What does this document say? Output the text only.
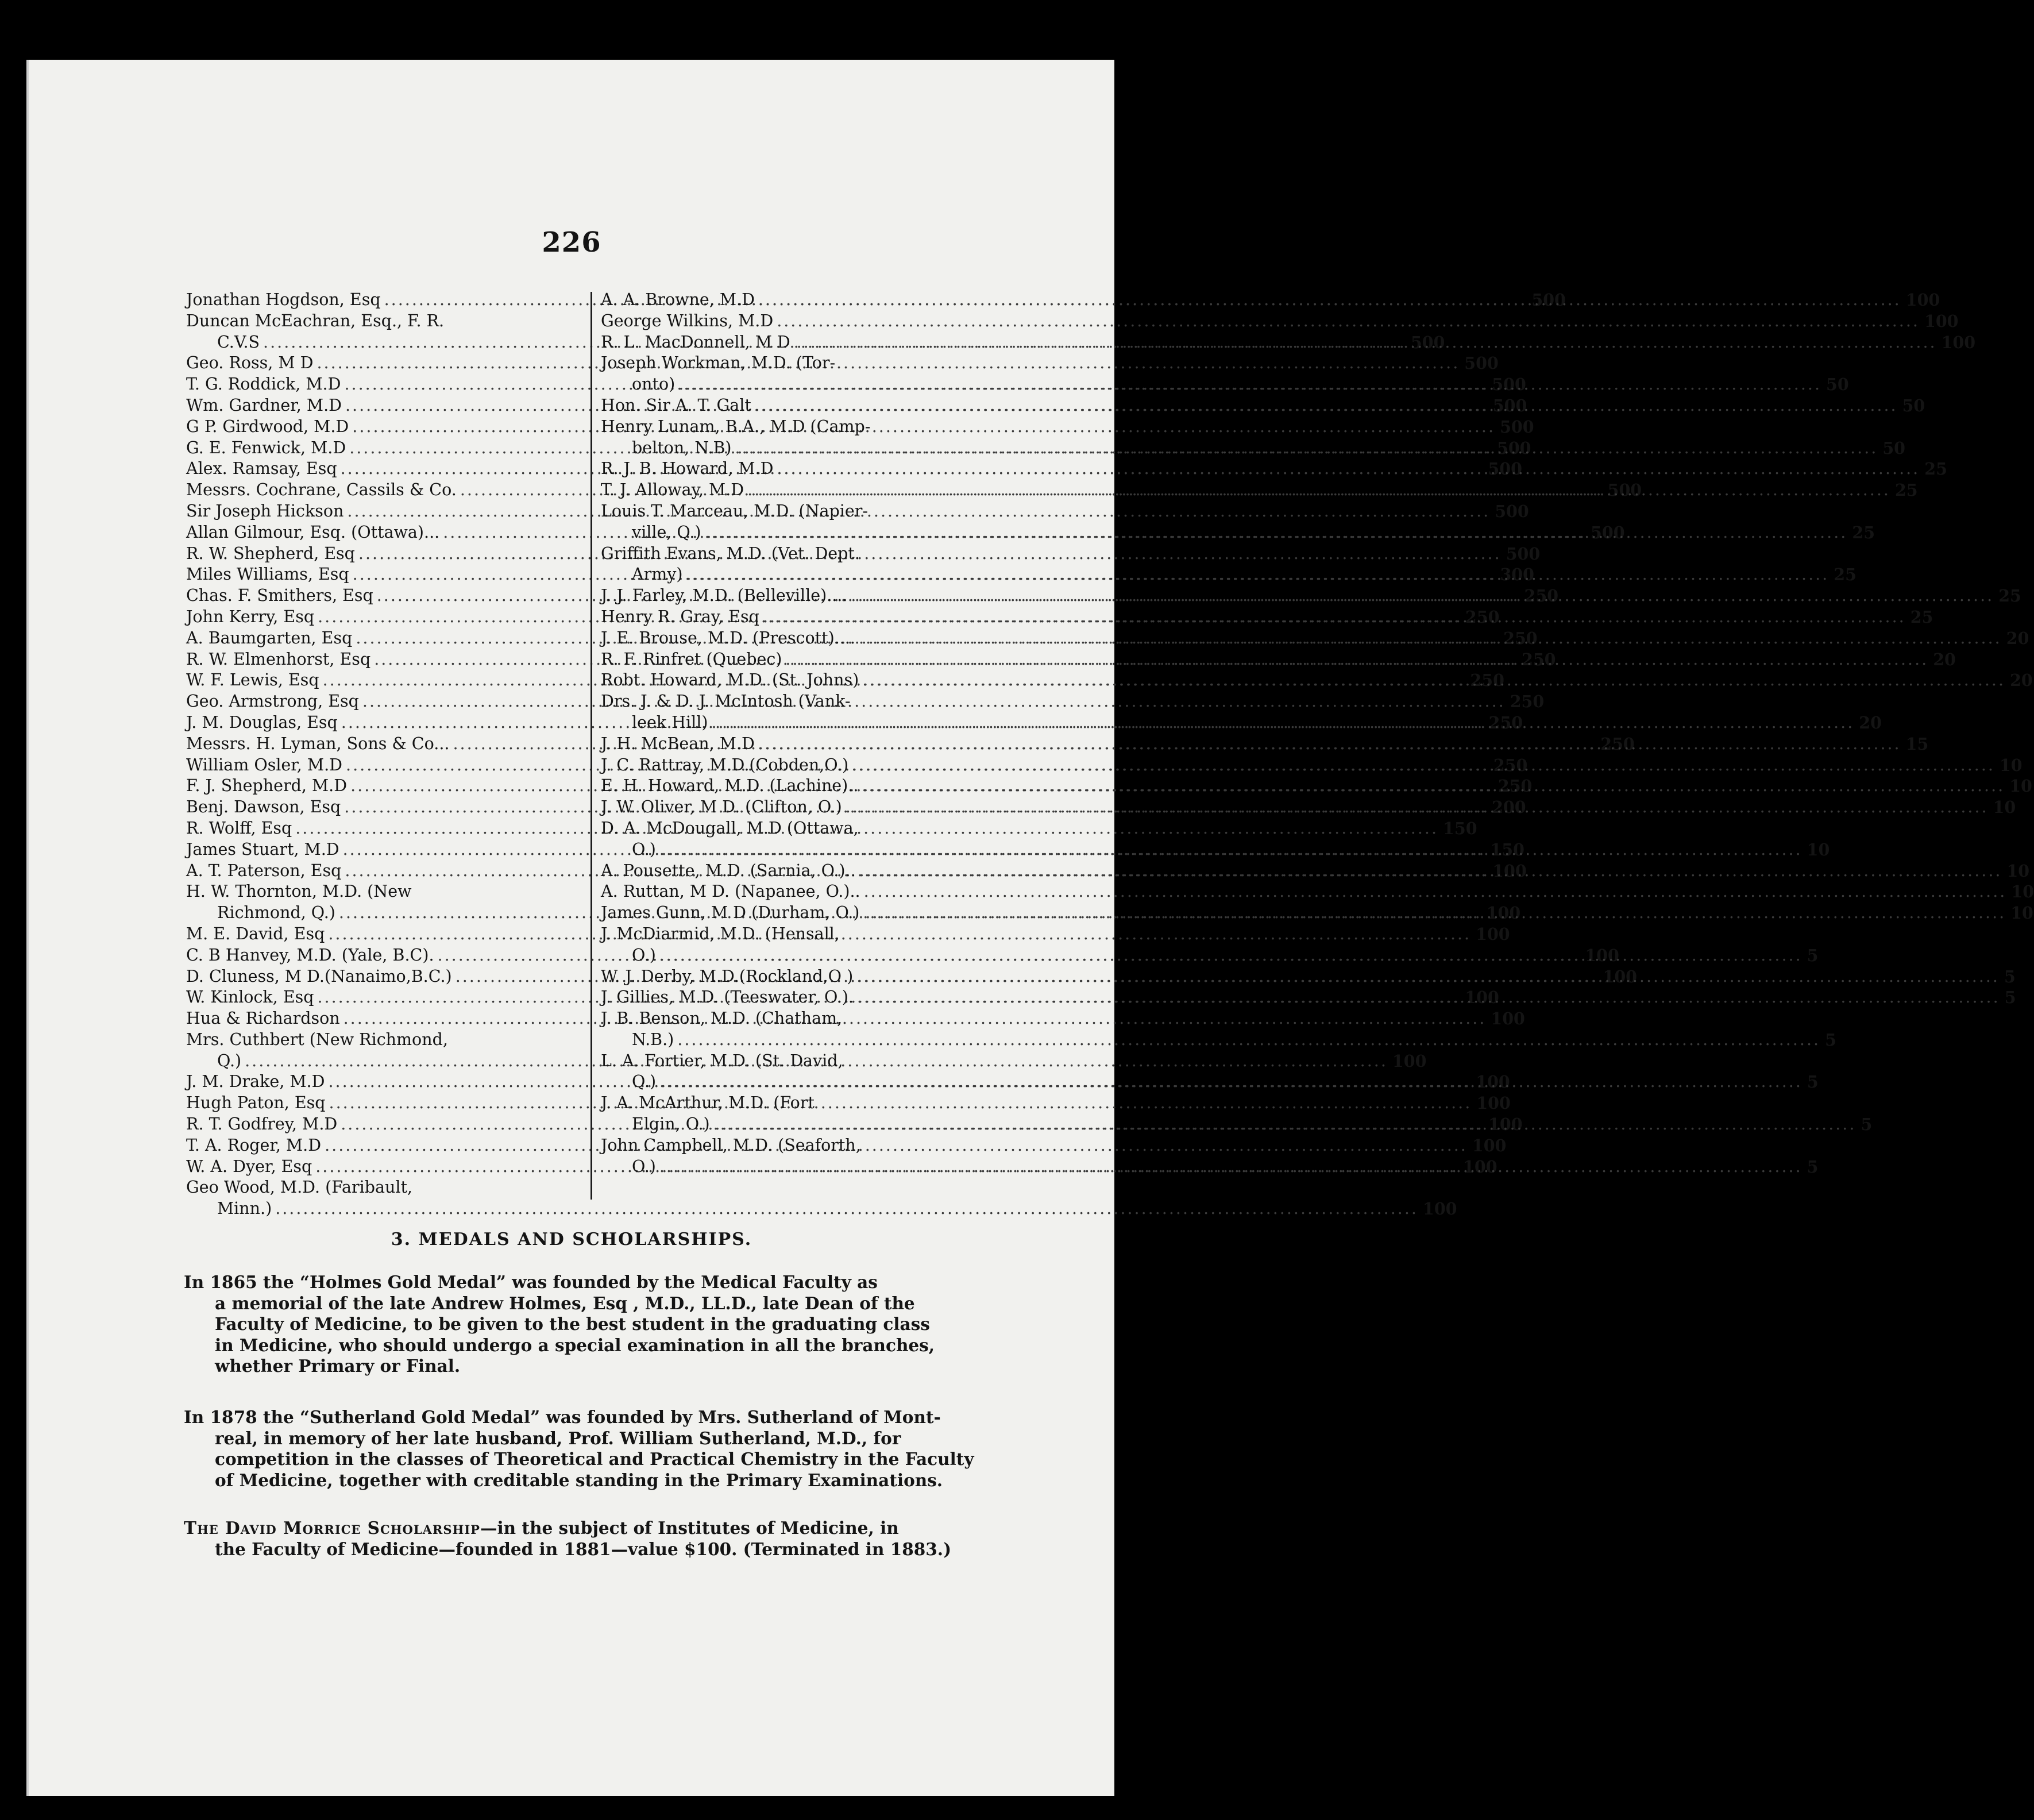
226
Jonathan Hogdson, Esq .....	500
Duncan McEachran, Esq., F. R.
C.V.S .....	500
Geo. Ross, M D .....	500
T. G. Roddick, M.D .....	500
Wm. Gardner, M.D .....	500
G P. Girdwood, M.D .....	500
G. E. Fenwick, M.D .....	500
Alex. Ramsay, Esq .....	500
Messrs. Cochrane, Cassils & Co. .....	500
Sir Joseph Hickson .....	500
Allan Gilmour, Esq. (Ottawa)... .....	500
R. W. Shepherd, Esq .....	500
Miles Williams, Esq .....	300
Chas. F. Smithers, Esq .....	250
John Kerry, Esq .....	250
A. Baumgarten, Esq .....	250
R. W. Elmenhorst, Esq .....	250
W. F. Lewis, Esq .....	250
Geo. Armstrong, Esq .....	250
J. M. Douglas, Esq .....	250
Messrs. H. Lyman, Sons & Co... .....	250
William Osler, M.D .....	250
F. J. Shepherd, M.D .....	250
Benj. Dawson, Esq .....	200
R. Wolff, Esq .....	150
James Stuart, M.D .....	150
A. T. Paterson, Esq .....	100
H. W. Thornton, M.D. (New
Richmond, Q.) .....	100
M. E. David, Esq .....	100
C. B Hanvey, M.D. (Yale, B.C). .....	100
D. Cluness, M D.(Nanaimo,B.C.) .....	100
W. Kinlock, Esq .....	100
Hua & Richardson .....	100
Mrs. Cuthbert (New Richmond,
Q.) .....	100
J. M. Drake, M.D .....	100
Hugh Paton, Esq .....	100
R. T. Godfrey, M.D .....	100
T. A. Roger, M.D .....	100
W. A. Dyer, Esq .....	100
Geo Wood, M.D. (Faribault,
Minn.) .....	100
A. A. Browne, M.D .....	100
George Wilkins, M.D .....	100
R. L. MacDonnell, M D .....	100
Joseph Workman, M.D. (Tor-
onto) .....	50
Hon. Sir A. T. Galt .....	50
Henry Lunam, B.A., M.D (Camp-
belton, N.B) .....	50
R. J. B. Howard, M.D .....	25
T. J. Alloway, M.D .....	25
Louis T. Marceau, M.D. (Napier-
ville, Q.) .....	25
Griffith Evans, M.D. (Vet. Dept.
Army) .....	25
J. J. Farley, M.D. (Belleville).... .....	25
Henry R. Gray, Esq .....	25
J. E. Brouse, M.D. (Prescott).... .....	20
R. F. Rinfret (Quebec) .....	20
Robt. Howard, M.D. (St. Johns) .....	20
Drs. J. & D. J. McIntosh (Vank-
leek Hill) .....	20
J. H. McBean, M.D .....	15
J. C. Rattray, M.D.(Cobden,O.) .....	10
E. H. Howard, M.D. (Lachine).. .....	10
J. W. Oliver, M D. (Clifton, O.) .....	10
D. A. McDougall, M.D (Ottawa,
O.) .....	10
A. Pousette, M.D. (Sarnia, O.).. .....	10
A. Ruttan, M D. (Napanee, O.).. .....	10
James Gunn, M D (Durham, O.) .....	10
J. McDiarmid, M.D. (Hensall,
O.) .....	5
W. J. Derby, M.D.(Rockland,O ) .....	5
J. Gillies, M.D. (Teeswater, O.). .....	5
J. B. Benson, M.D. (Chatham,
N.B.) .....	5
L. A. Fortier, M.D. (St. David,
Q.) .....	5
J. A. McArthur, M.D. (Fort
Elgin, O.) .....	5
John Campbell, M.D. (Seaforth,
O.) .....	5
3. MEDALS AND SCHOLARSHIPS.
In 1865 the “Holmes Gold Medal” was founded by the Medical Faculty as
a memorial of the late Andrew Holmes, Esq , M.D., LL.D., late Dean of the
Faculty of Medicine, to be given to the best student in the graduating class
in Medicine, who should undergo a special examination in all the branches,
whether Primary or Final.
In 1878 the “Sutherland Gold Medal” was founded by Mrs. Sutherland of Mont-
real, in memory of her late husband, Prof. William Sutherland, M.D., for
competition in the classes of Theoretical and Practical Chemistry in the Faculty
of Medicine, together with creditable standing in the Primary Examinations.
The David Morrice Scholarship—in the subject of Institutes of Medicine, in
the Faculty of Medicine—founded in 1881—value $100. (Terminated in 1883.)
